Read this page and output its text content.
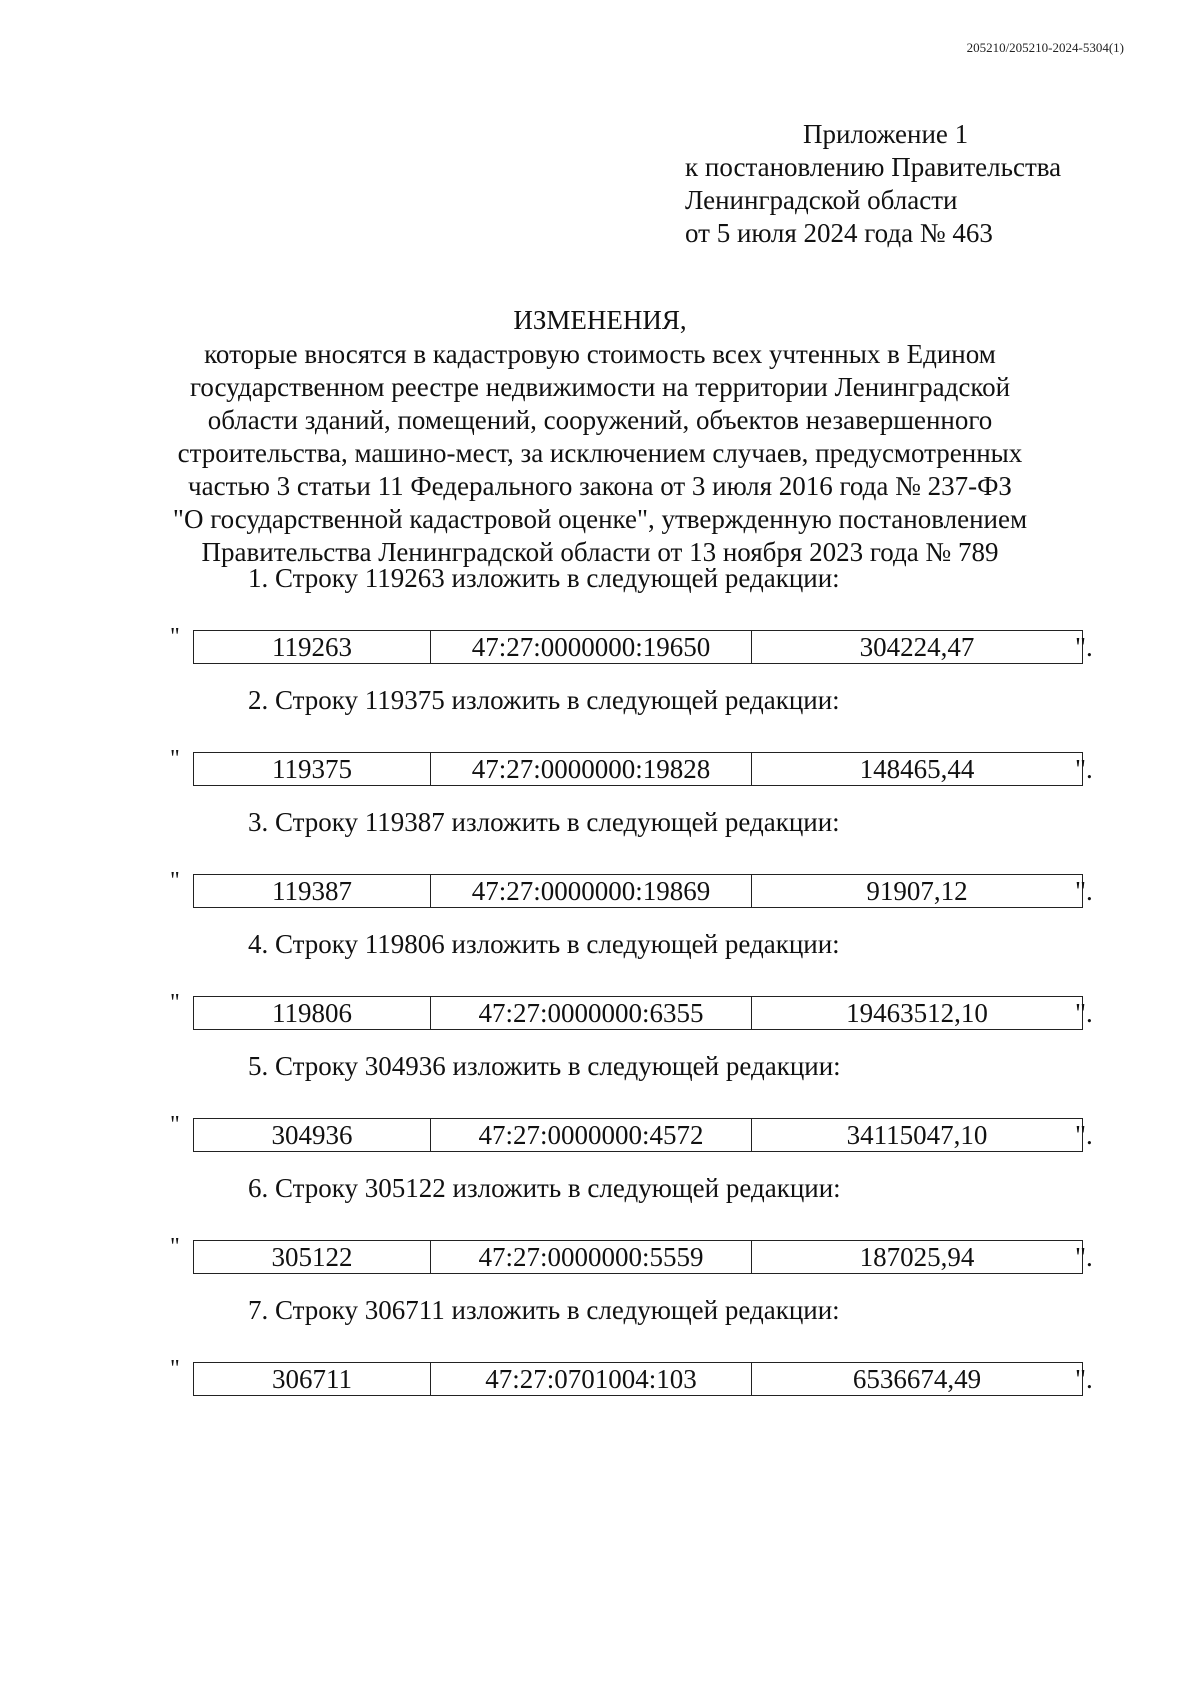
205210/205210-2024-5304(1)
Приложение 1
к постановлению Правительства
Ленинградской области
от 5 июля 2024 года № 463
ИЗМЕНЕНИЯ,
которые вносятся в кадастровую стоимость всех учтенных в Едином
государственном реестре недвижимости на территории Ленинградской
области зданий, помещений, сооружений, объектов незавершенного
строительства, машино-мест, за исключением случаев, предусмотренных
частью 3 статьи 11 Федерального закона от 3 июля 2016 года № 237-ФЗ
"О государственной кадастровой оценке", утвержденную постановлением
Правительства Ленинградской области от 13 ноября 2023 года № 789
1. Строку 119263 изложить в следующей редакции:
"	119263	47:27:0000000:19650	304224,47	".
2. Строку 119375 изложить в следующей редакции:
"	119375	47:27:0000000:19828	148465,44	".
3. Строку 119387 изложить в следующей редакции:
"	119387	47:27:0000000:19869	91907,12	".
4. Строку 119806 изложить в следующей редакции:
"	119806	47:27:0000000:6355	19463512,10	".
5. Строку 304936 изложить в следующей редакции:
"	304936	47:27:0000000:4572	34115047,10	".
6. Строку 305122 изложить в следующей редакции:
"	305122	47:27:0000000:5559	187025,94	".
7. Строку 306711 изложить в следующей редакции:
"	306711	47:27:0701004:103	6536674,49	".
